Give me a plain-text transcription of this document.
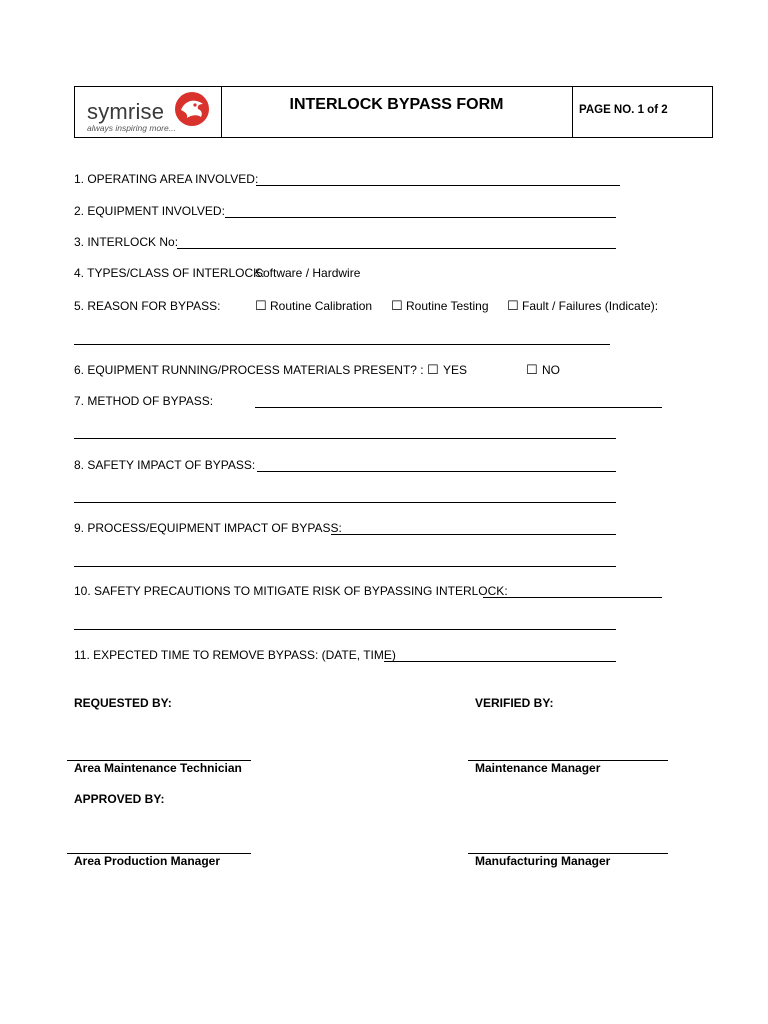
symrise
always inspiring more...
INTERLOCK BYPASS FORM	PAGE NO. 1 of 2
1. OPERATING AREA INVOLVED:
2. EQUIPMENT INVOLVED:
3. INTERLOCK No:
4. TYPES/CLASS OF INTERLOCK:
Software / Hardwire
5. REASON FOR BYPASS:	☐ Routine Calibration ☐ Routine Testing ☐ Fault / Failures (Indicate):
6. EQUIPMENT RUNNING/PROCESS MATERIALS PRESENT? : ☐ YES	☐ NO
7. METHOD OF BYPASS:
8. SAFETY IMPACT OF BYPASS:
9. PROCESS/EQUIPMENT IMPACT OF BYPASS:
10. SAFETY PRECAUTIONS TO MITIGATE RISK OF BYPASSING INTERLOCK:
11. EXPECTED TIME TO REMOVE BYPASS: (DATE, TIME)
REQUESTED BY:	VERIFIED BY:
Area Maintenance Technician	Maintenance Manager
APPROVED BY:
Area Production Manager	Manufacturing Manager
